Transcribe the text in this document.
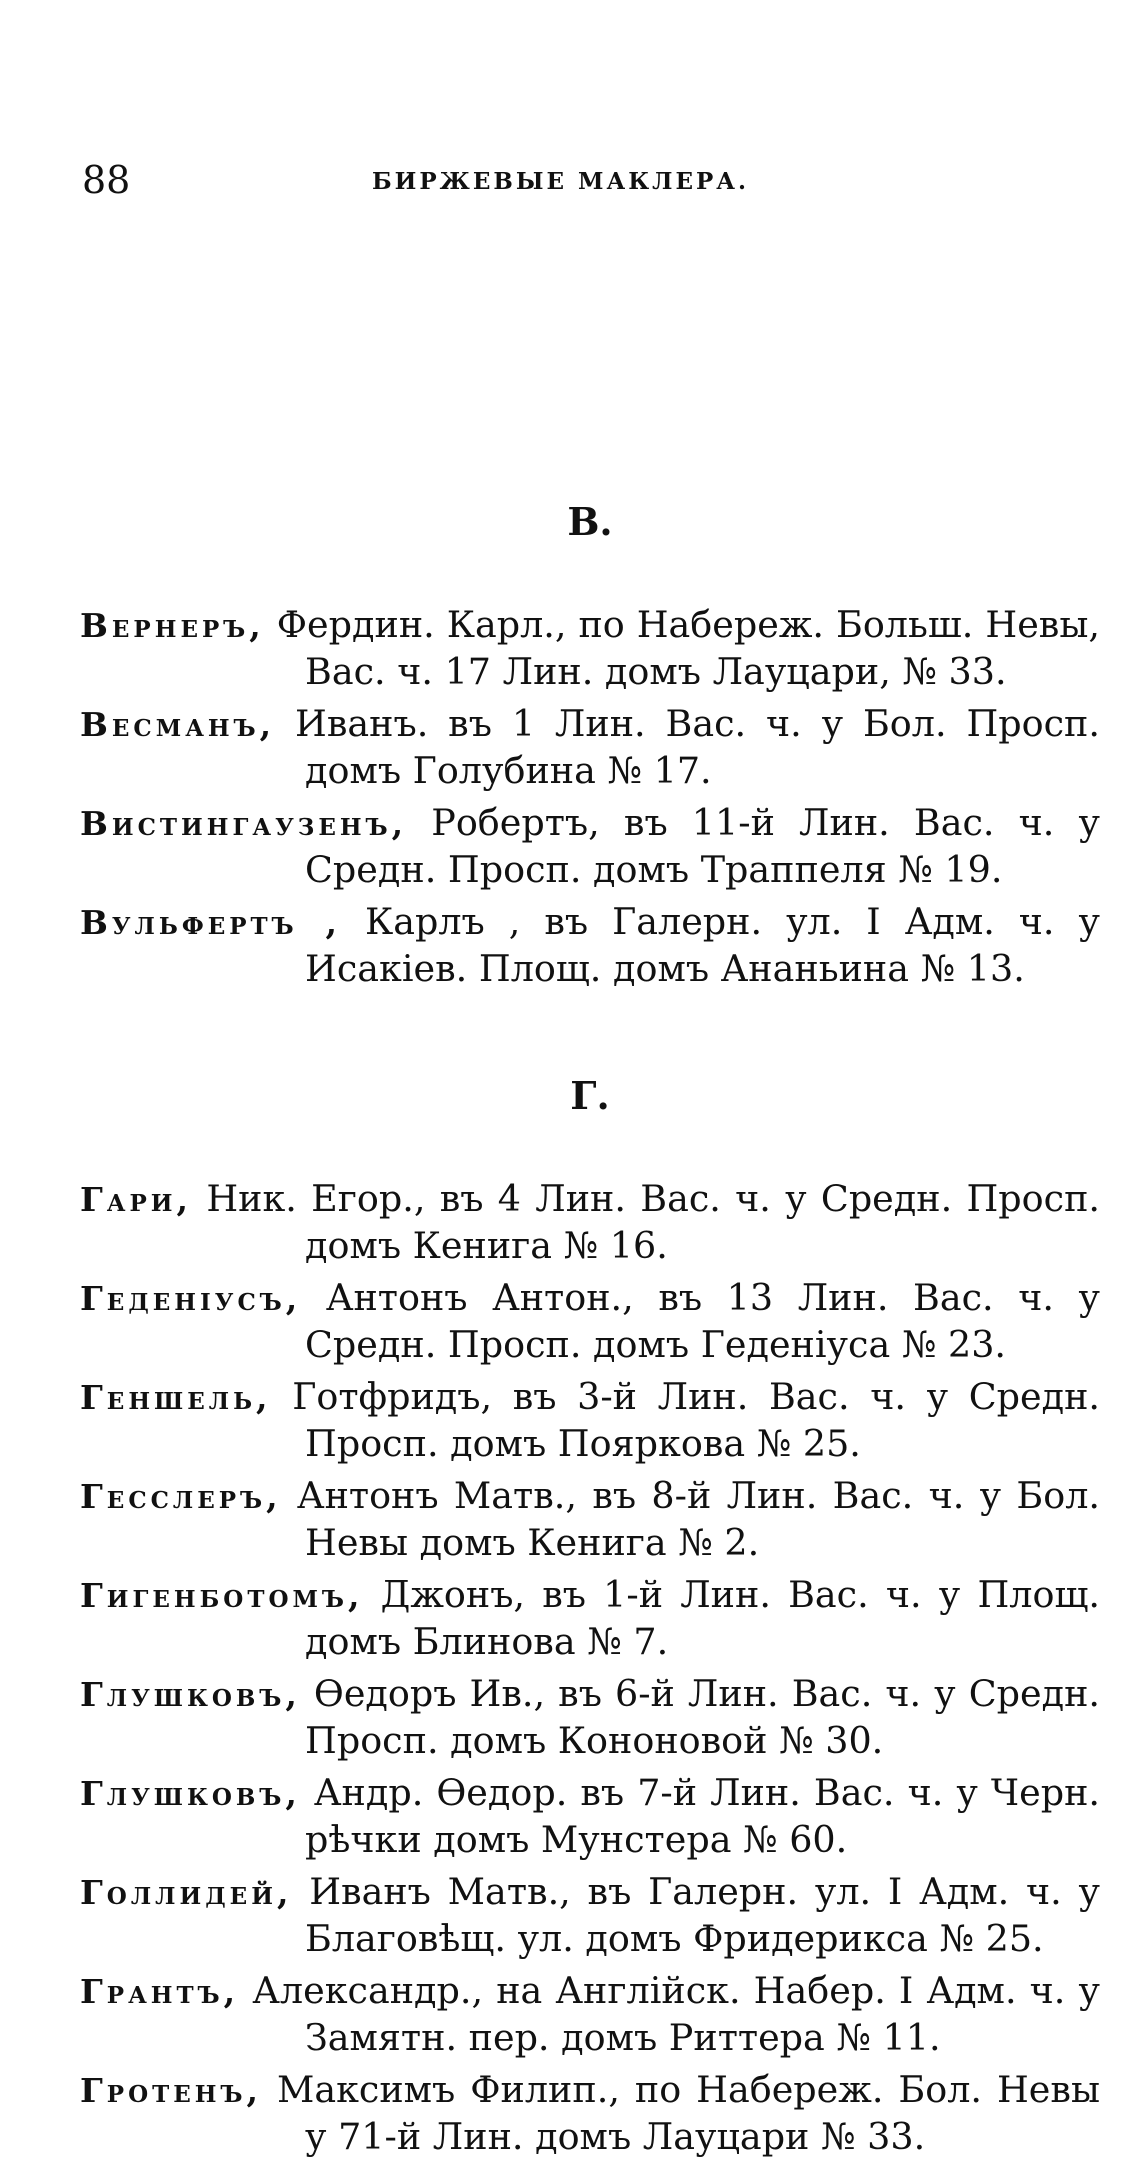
88	БИРЖЕВЫЕ МАКЛЕРА.
В.
Вернеръ, Фердин. Карл., по Набереж. Больш. Невы, Вас. ч. 17 Лин. домъ Лауцари, № 33.
Весманъ, Иванъ. въ 1 Лин. Вас. ч. у Бол. Просп. домъ Голубина № 17.
Вистингаузенъ, Робертъ, въ 11-й Лин. Вас. ч. у Средн. Просп. домъ Траппеля № 19.
Вульфертъ , Карлъ , въ Галерн. ул. I Адм. ч. у Исакіев. Площ. домъ Ананьина № 13.
Г.
Гари, Ник. Егор., въ 4 Лин. Вас. ч. у Средн. Просп. домъ Кенига № 16.
Геденіусъ, Антонъ Антон., въ 13 Лин. Вас. ч. у Средн. Просп. домъ Геденіуса № 23.
Геншель, Готфридъ, въ 3-й Лин. Вас. ч. у Средн. Просп. домъ Пояркова № 25.
Гесслеръ, Антонъ Матв., въ 8-й Лин. Вас. ч. у Бол. Невы домъ Кенига № 2.
Гигенботомъ, Джонъ, въ 1-й Лин. Вас. ч. у Площ. домъ Блинова № 7.
Глушковъ, Ѳедоръ Ив., въ 6-й Лин. Вас. ч. у Средн. Просп. домъ Кононовой № 30.
Глушковъ, Андр. Ѳедор. въ 7-й Лин. Вас. ч. у Черн. рѣчки домъ Мунстера № 60.
Голлидей, Иванъ Матв., въ Галерн. ул. I Адм. ч. у Благовѣщ. ул. домъ Фридерикса № 25.
Грантъ, Александр., на Англійск. Набер. I Адм. ч. у Замятн. пер. домъ Риттера № 11.
Гротенъ, Максимъ Филип., по Набереж. Бол. Невы у 71-й Лин. домъ Лауцари № 33.
